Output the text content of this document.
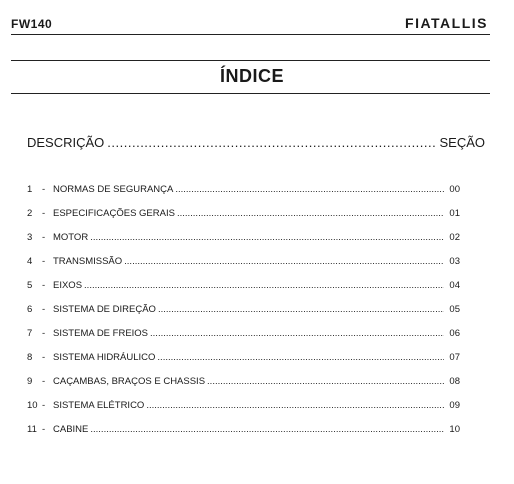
FW140	FIATALLIS
ÍNDICE
DESCRIÇÃO .....	SEÇÃO
1	- NORMAS DE SEGURANÇA .....	00
2	- ESPECIFICAÇÕES GERAIS .....	01
3	- MOTOR .....	02
4	- TRANSMISSÃO .....	03
5	- EIXOS .....	04
6	- SISTEMA DE DIREÇÃO .....	05
7	- SISTEMA DE FREIOS .....	06
8	- SISTEMA HIDRÁULICO .....	07
9	- CAÇAMBAS, BRAÇOS E CHASSIS .....	08
10 - SISTEMA ELÉTRICO .....	09
11 - CABINE .....	10
